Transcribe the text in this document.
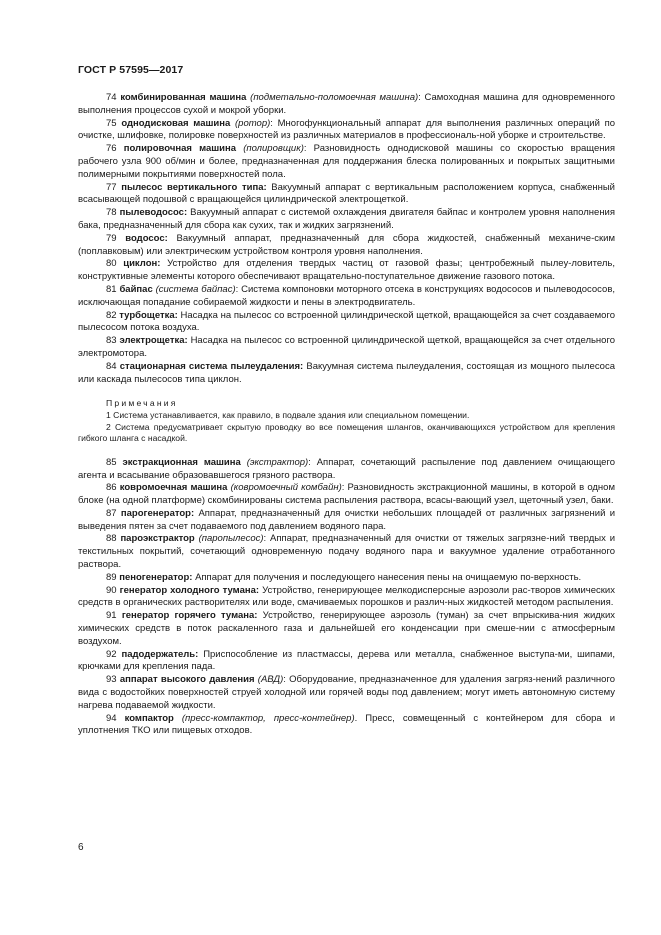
ГОСТ Р 57595—2017

74 комбинированная машина (подметально-поломоечная машина): Самоходная машина для одновременного выполнения процессов сухой и мокрой уборки.

75 однодисковая машина (ротор): Многофункциональный аппарат для выполнения различных операций по очистке, шлифовке, полировке поверхностей из различных материалов в профессиональ-ной уборке и строительстве.

76 полировочная машина (полировщик): Разновидность однодисковой машины со скоростью вращения рабочего узла 900 об/мин и более, предназначенная для поддержания блеска полированных и покрытых защитными полимерными покрытиями поверхностей пола.

77 пылесос вертикального типа: Вакуумный аппарат с вертикальным расположением корпуса, снабженный всасывающей подошвой с вращающейся цилиндрической электрощеткой.

78 пылеводосос: Вакуумный аппарат с системой охлаждения двигателя байпас и контролем уровня наполнения бака, предназначенный для сбора как сухих, так и жидких загрязнений.

79 водосос: Вакуумный аппарат, предназначенный для сбора жидкостей, снабженный механиче-ским (поплавковым) или электрическим устройством контроля уровня наполнения.

80 циклон: Устройство для отделения твердых частиц от газовой фазы; центробежный пылеу-ловитель, конструктивные элементы которого обеспечивают вращательно-поступательное движение газового потока.

81 байпас (система байпас): Система компоновки моторного отсека в конструкциях водососов и пылеводососов, исключающая попадание собираемой жидкости и пены в электродвигатель.

82 турбощетка: Насадка на пылесос со встроенной цилиндрической щеткой, вращающейся за счет создаваемого пылесосом потока воздуха.

83 электрощетка: Насадка на пылесос со встроенной цилиндрической щеткой, вращающейся за счет отдельного электромотора.

84 стационарная система пылеудаления: Вакуумная система пылеудаления, состоящая из мощного пылесоса или каскада пылесосов типа циклон.

Примечания

1 Система устанавливается, как правило, в подвале здания или специальном помещении.

2 Система предусматривает скрытую проводку во все помещения шлангов, оканчивающихся устройством для крепления гибкого шланга с насадкой.

85 экстракционная машина (экстрактор): Аппарат, сочетающий распыление под давлением очищающего агента и всасывание образовавшегося грязного раствора.

86 ковромоечная машина (ковромоечный комбайн): Разновидность экстракционной машины, в которой в одном блоке (на одной платформе) скомбинированы система распыления раствора, всасы-вающий узел, щеточный узел, баки.

87 парогенератор: Аппарат, предназначенный для очистки небольших площадей от различных загрязнений и выведения пятен за счет подаваемого под давлением водяного пара.

88 пароэкстрактор (паропылесос): Аппарат, предназначенный для очистки от тяжелых загрязне-ний твердых и текстильных покрытий, сочетающий одновременную подачу водяного пара и вакуумное удаление отработанного раствора.

89 пеногенератор: Аппарат для получения и последующего нанесения пены на очищаемую по-верхность.

90 генератор холодного тумана: Устройство, генерирующее мелкодисперсные аэрозоли рас-творов химических средств в органических растворителях или воде, смачиваемых порошков и различ-ных жидкостей методом распыления.

91 генератор горячего тумана: Устройство, генерирующее аэрозоль (туман) за счет впрыскива-ния жидких химических средств в поток раскаленного газа и дальнейшей его конденсации при смеше-нии с атмосферным воздухом.

92 падодержатель: Приспособление из пластмассы, дерева или металла, снабженное выступа-ми, шипами, крючками для крепления пада.

93 аппарат высокого давления (АВД): Оборудование, предназначенное для удаления загряз-нений различного вида с водостойких поверхностей струей холодной или горячей воды под давлением; могут иметь автономную систему нагрева подаваемой жидкости.

94 компактор (пресс-компактор, пресс-контейнер). Пресс, совмещенный с контейнером для сбора и уплотнения ТКО или пищевых отходов.

6
